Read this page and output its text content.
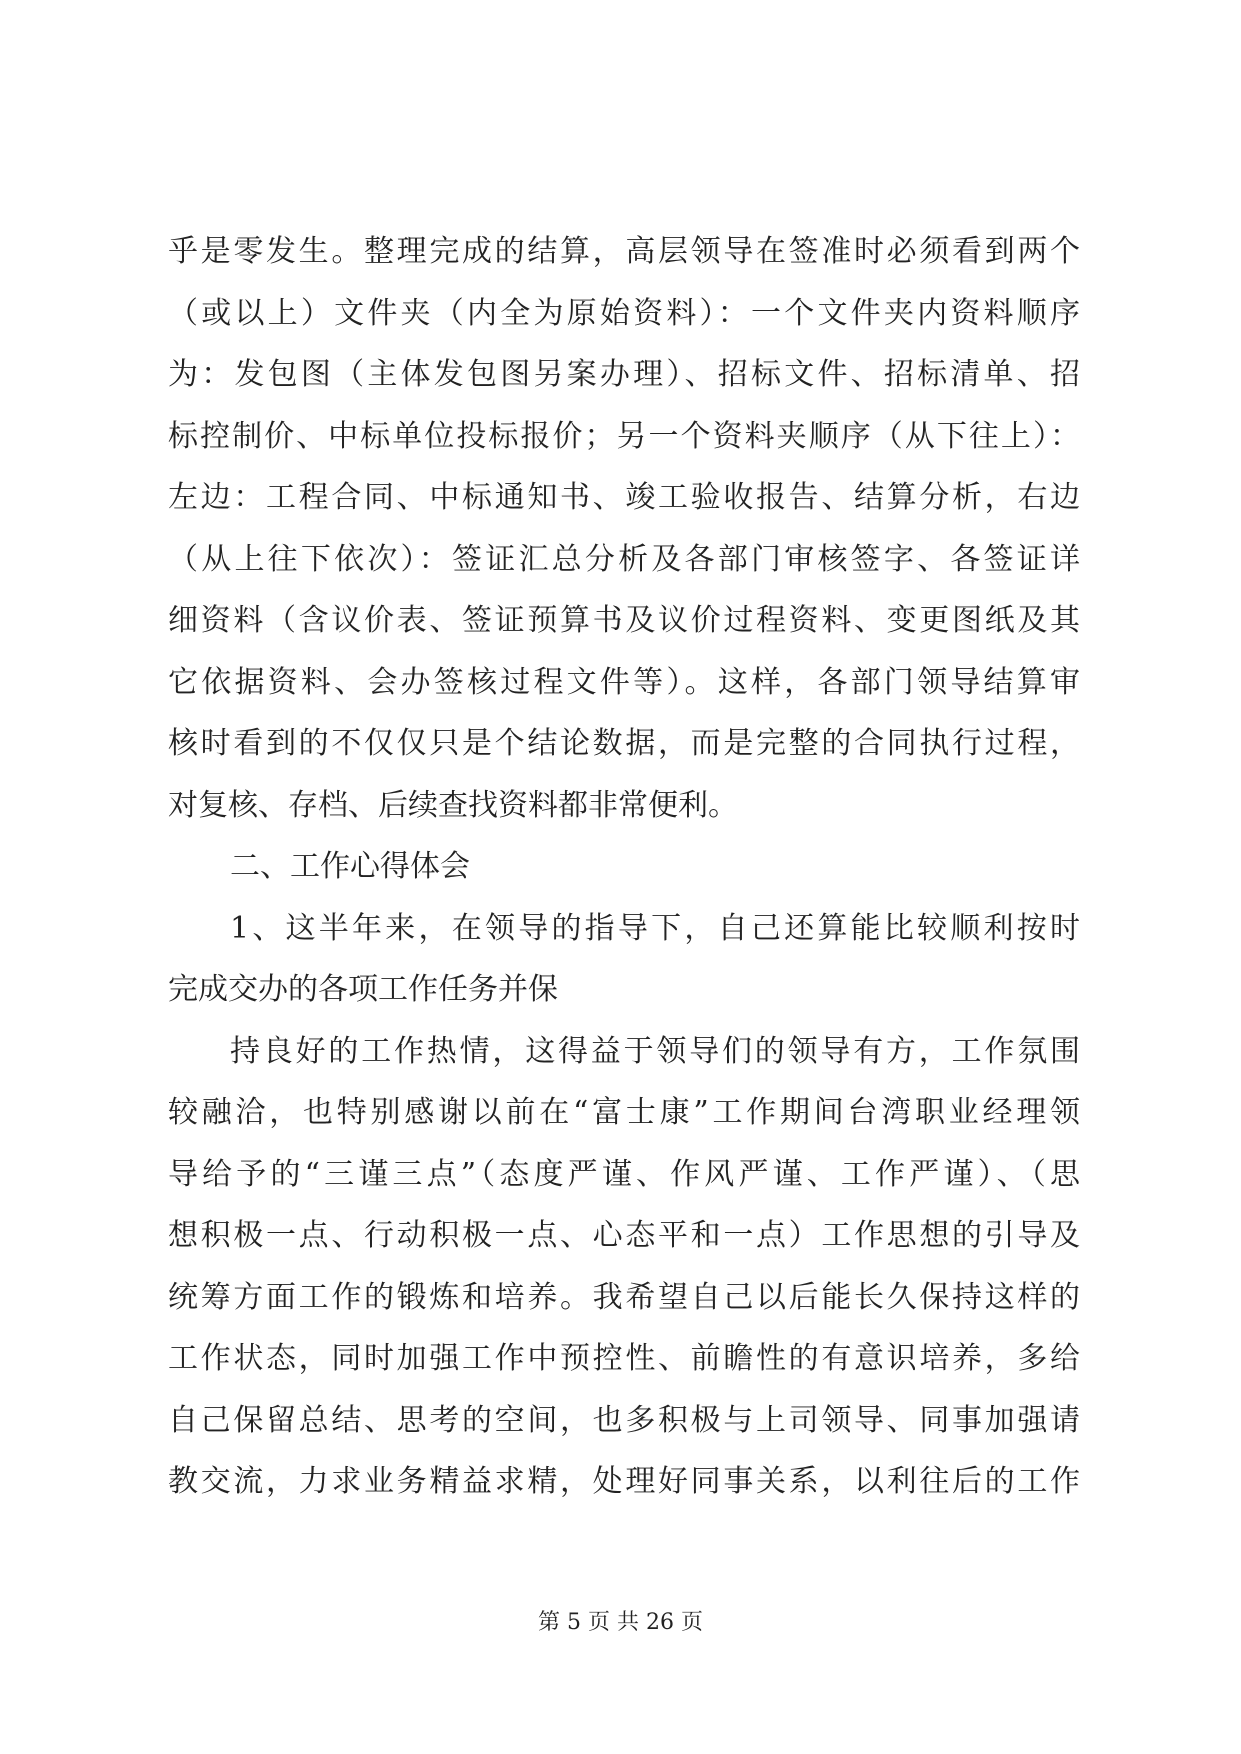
乎是零发生。整理完成的结算，高层领导在签准时必须看到两个
（或以上）文件夹（内全为原始资料）：一个文件夹内资料顺序
为：发包图（主体发包图另案办理）、招标文件、招标清单、招
标控制价、中标单位投标报价；另一个资料夹顺序（从下往上）：
左边：工程合同、中标通知书、竣工验收报告、结算分析，右边
（从上往下依次）：签证汇总分析及各部门审核签字、各签证详
细资料（含议价表、签证预算书及议价过程资料、变更图纸及其
它依据资料、会办签核过程文件等）。这样，各部门领导结算审
核时看到的不仅仅只是个结论数据，而是完整的合同执行过程，
对复核、存档、后续查找资料都非常便利。
二、工作心得体会
1、这半年来，在领导的指导下，自己还算能比较顺利按时
完成交办的各项工作任务并保
持良好的工作热情，这得益于领导们的领导有方，工作氛围
较融洽，也特别感谢以前在“富士康”工作期间台湾职业经理领
导给予的“三谨三点”（态度严谨、作风严谨、工作严谨）、（思
想积极一点、行动积极一点、心态平和一点）工作思想的引导及
统筹方面工作的锻炼和培养。我希望自己以后能长久保持这样的
工作状态，同时加强工作中预控性、前瞻性的有意识培养，多给
自己保留总结、思考的空间，也多积极与上司领导、同事加强请
教交流，力求业务精益求精，处理好同事关系，以利往后的工作
第 5 页 共 26 页
